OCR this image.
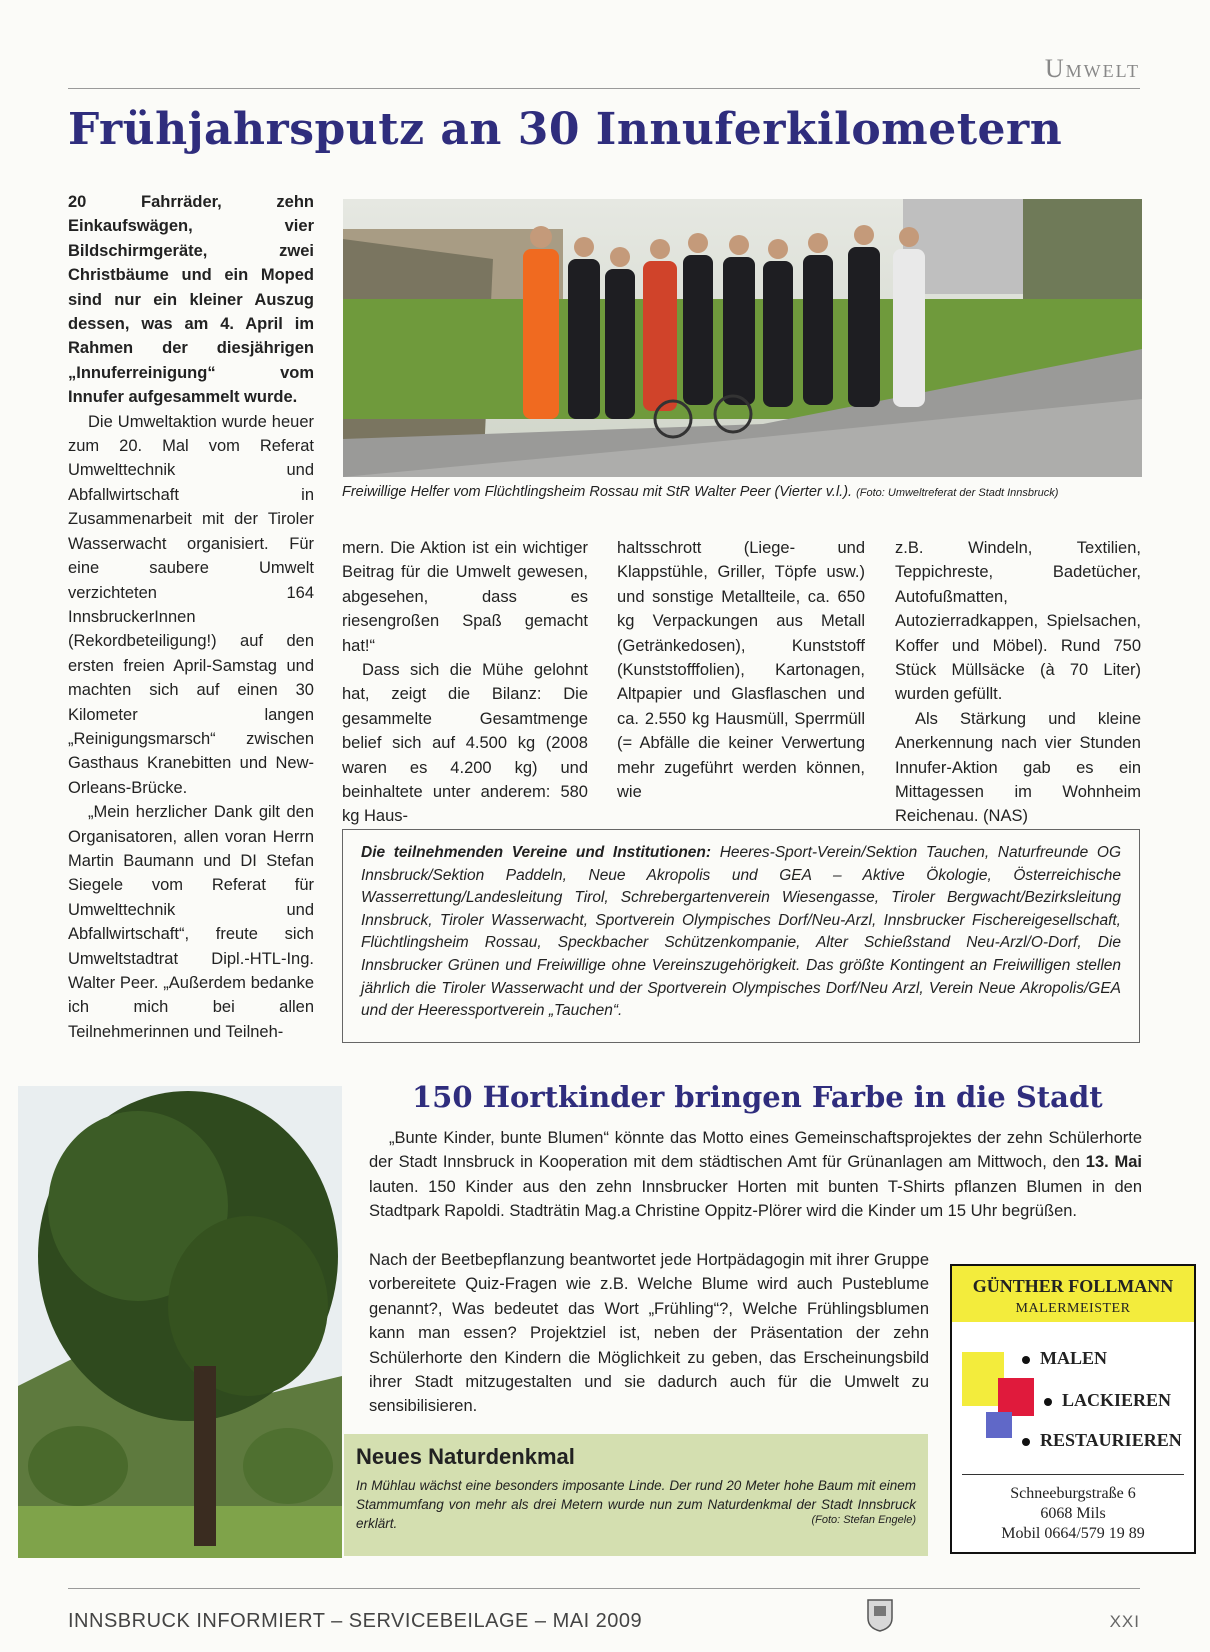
Umwelt
Frühjahrsputz an 30 Innuferkilometern
Freiwillige Helfer vom Flüchtlingsheim Rossau mit StR Walter Peer (Vierter v.l.). (Foto: Umweltreferat der Stadt Innsbruck)

20 Fahrräder, zehn Einkaufswägen, vier Bildschirmgeräte, zwei Christbäume und ein Moped sind nur ein kleiner Auszug dessen, was am 4. April im Rahmen der diesjährigen „Innuferreinigung“ vom Innufer aufgesammelt wurde.

Die Umweltaktion wurde heuer zum 20. Mal vom Referat Umwelttechnik und Abfallwirtschaft in Zusammenarbeit mit der Tiroler Wasserwacht organisiert. Für eine saubere Umwelt verzichteten 164 InnsbruckerInnen (Rekordbeteiligung!) auf den ersten freien April-Samstag und machten sich auf einen 30 Kilometer langen „Reinigungsmarsch“ zwischen Gasthaus Kranebitten und New-Orleans-Brücke.

„Mein herzlicher Dank gilt den Organisatoren, allen voran Herrn Martin Baumann und DI Stefan Siegele vom Referat für Umwelttechnik und Abfallwirtschaft“, freute sich Umweltstadtrat Dipl.-HTL-Ing. Walter Peer. „Außerdem bedanke ich mich bei allen Teilnehmerinnen und Teilneh-

mern. Die Aktion ist ein wichtiger Beitrag für die Umwelt gewesen, abgesehen, dass es riesengroßen Spaß gemacht hat!“

Dass sich die Mühe gelohnt hat, zeigt die Bilanz: Die gesammelte Gesamtmenge belief sich auf 4.500 kg (2008 waren es 4.200 kg) und beinhaltete unter anderem: 580 kg Haus-

haltsschrott (Liege- und Klappstühle, Griller, Töpfe usw.) und sonstige Metallteile, ca. 650 kg Verpackungen aus Metall (Getränkedosen), Kunststoff (Kunststofffolien), Kartonagen, Altpapier und Glasflaschen und ca. 2.550 kg Hausmüll, Sperrmüll (= Abfälle die keiner Verwertung mehr zugeführt werden können, wie

z.B. Windeln, Textilien, Teppichreste, Badetücher, Autofußmatten, Autozierradkappen, Spielsachen, Koffer und Möbel). Rund 750 Stück Müllsäcke (à 70 Liter) wurden gefüllt.

Als Stärkung und kleine Anerkennung nach vier Stunden Innufer-Aktion gab es ein Mittagessen im Wohnheim Reichenau. (NAS)

Die teilnehmenden Vereine und Institutionen: Heeres-Sport-Verein/Sektion Tauchen, Naturfreunde OG Innsbruck/Sektion Paddeln, Neue Akropolis und GEA – Aktive Ökologie, Österreichische Wasserrettung/Landesleitung Tirol, Schrebergartenverein Wiesengasse, Tiroler Bergwacht/Bezirksleitung Innsbruck, Tiroler Wasserwacht, Sportverein Olympisches Dorf/Neu-Arzl, Innsbrucker Fischereigesellschaft, Flüchtlingsheim Rossau, Speckbacher Schützenkompanie, Alter Schießstand Neu-Arzl/O-Dorf, Die Innsbrucker Grünen und Freiwillige ohne Vereinszugehörigkeit. Das größte Kontingent an Freiwilligen stellen jährlich die Tiroler Wasserwacht und der Sportverein Olympisches Dorf/Neu Arzl, Verein Neue Akropolis/GEA und der Heeressportverein „Tauchen“.
150 Hortkinder bringen Farbe in die Stadt

„Bunte Kinder, bunte Blumen“ könnte das Motto eines Gemeinschaftsprojektes der zehn Schülerhorte der Stadt Innsbruck in Kooperation mit dem städtischen Amt für Grünanlagen am Mittwoch, den 13. Mai lauten. 150 Kinder aus den zehn Innsbrucker Horten mit bunten T-Shirts pflanzen Blumen in den Stadtpark Rapoldi. Stadträtin Mag.a Christine Oppitz-Plörer wird die Kinder um 15 Uhr begrüßen.

Nach der Beetbepflanzung beantwortet jede Hortpädagogin mit ihrer Gruppe vorbereitete Quiz-Fragen wie z.B. Welche Blume wird auch Pusteblume genannt?, Was bedeutet das Wort „Frühling“?, Welche Frühlingsblumen kann man essen? Projektziel ist, neben der Präsentation der zehn Schülerhorte den Kindern die Möglichkeit zu geben, das Erscheinungsbild ihrer Stadt mitzugestalten und sie dadurch auch für die Umwelt zu sensibilisieren.

Neues Naturdenkmal
In Mühlau wächst eine besonders imposante Linde. Der rund 20 Meter hohe Baum mit einem Stammumfang von mehr als drei Metern wurde nun zum Naturdenkmal der Stadt Innsbruck erklärt.	(Foto: Stefan Engele)
GÜNTHER FOLLMANN
MALERMEISTER
MALEN
LACKIEREN
RESTAURIEREN
Schneeburgstraße 6
6068 Mils
Mobil 0664/579 19 89
INNSBRUCK INFORMIERT – SERVICEBEILAGE – MAI 2009	XXI
